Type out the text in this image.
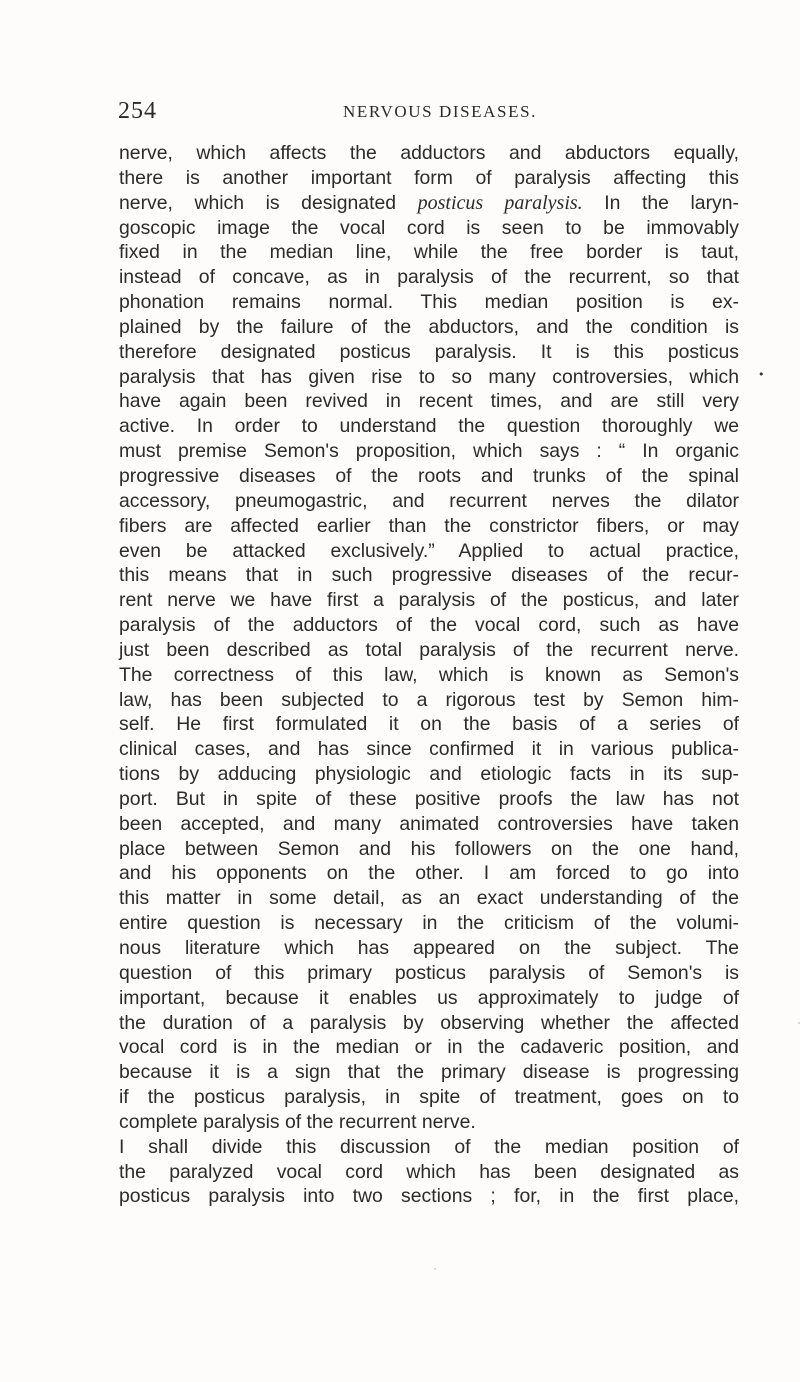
254	NERVOUS DISEASES.
•
nerve, which affects the adductors and abductors equally,
there is another important form of paralysis affecting this
nerve, which is designated posticus paralysis. In the laryn-
goscopic image the vocal cord is seen to be immovably
fixed in the median line, while the free border is taut,
instead of concave, as in paralysis of the recurrent, so that
phonation remains normal. This median position is ex-
plained by the failure of the abductors, and the condition is
therefore designated posticus paralysis. It is this posticus
paralysis that has given rise to so many controversies, which
have again been revived in recent times, and are still very
active. In order to understand the question thoroughly we
must premise Semon's proposition, which says : “ In organic
progressive diseases of the roots and trunks of the spinal
accessory, pneumogastric, and recurrent nerves the dilator
fibers are affected earlier than the constrictor fibers, or may
even be attacked exclusively.” Applied to actual practice,
this means that in such progressive diseases of the recur-
rent nerve we have first a paralysis of the posticus, and later
paralysis of the adductors of the vocal cord, such as have
just been described as total paralysis of the recurrent nerve.
The correctness of this law, which is known as Semon's
law, has been subjected to a rigorous test by Semon him-
self. He first formulated it on the basis of a series of
clinical cases, and has since confirmed it in various publica-
tions by adducing physiologic and etiologic facts in its sup-
port. But in spite of these positive proofs the law has not
been accepted, and many animated controversies have taken
place between Semon and his followers on the one hand,
and his opponents on the other. I am forced to go into
this matter in some detail, as an exact understanding of the
entire question is necessary in the criticism of the volumi-
nous literature which has appeared on the subject. The
question of this primary posticus paralysis of Semon's is
important, because it enables us approximately to judge of
the duration of a paralysis by observing whether the affected
vocal cord is in the median or in the cadaveric position, and
because it is a sign that the primary disease is progressing
if the posticus paralysis, in spite of treatment, goes on to
complete paralysis of the recurrent nerve.
I shall divide this discussion of the median position of
the paralyzed vocal cord which has been designated as
posticus paralysis into two sections ; for, in the first place,
